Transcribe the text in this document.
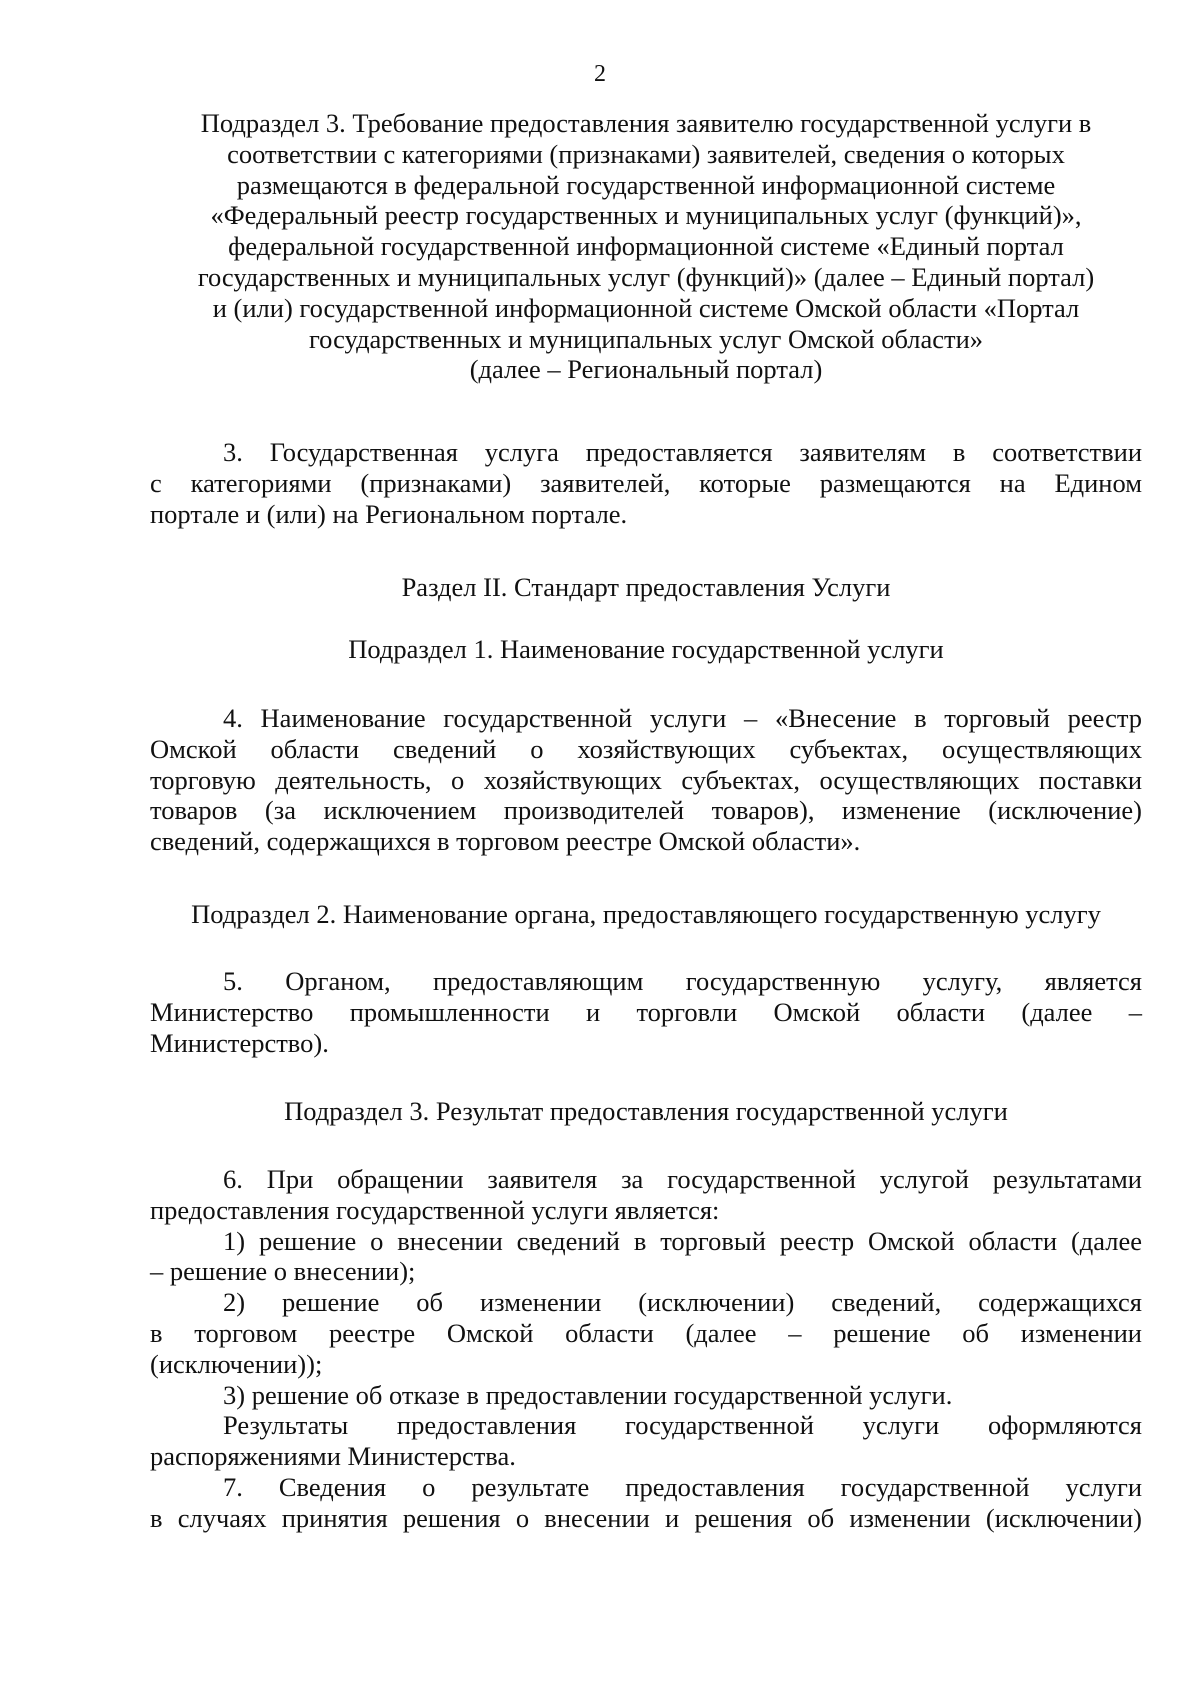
2
Подраздел 3. Требование предоставления заявителю государственной услуги в
соответствии с категориями (признаками) заявителей, сведения о которых
размещаются в федеральной государственной информационной системе
«Федеральный реестр государственных и муниципальных услуг (функций)»,
федеральной государственной информационной системе «Единый портал
государственных и муниципальных услуг (функций)» (далее – Единый портал)
и (или) государственной информационной системе Омской области «Портал
государственных и муниципальных услуг Омской области»
(далее – Региональный портал)
3. Государственная услуга предоставляется заявителям в соответствии
с категориями (признаками) заявителей, которые размещаются на Едином
портале и (или) на Региональном портале.
Раздел II. Стандарт предоставления Услуги
Подраздел 1. Наименование государственной услуги
4. Наименование государственной услуги – «Внесение в торговый реестр
Омской области сведений о хозяйствующих субъектах, осуществляющих
торговую деятельность, о хозяйствующих субъектах, осуществляющих поставки
товаров (за исключением производителей товаров), изменение (исключение)
сведений, содержащихся в торговом реестре Омской области».
Подраздел 2. Наименование органа, предоставляющего государственную услугу
5. Органом, предоставляющим государственную услугу, является
Министерство промышленности и торговли Омской области (далее –
Министерство).
Подраздел 3. Результат предоставления государственной услуги
6. При обращении заявителя за государственной услугой результатами
предоставления государственной услуги является:
1) решение о внесении сведений в торговый реестр Омской области (далее
– решение о внесении);
2) решение об изменении (исключении) сведений, содержащихся
в торговом реестре Омской области (далее – решение об изменении
(исключении));
3) решение об отказе в предоставлении государственной услуги.
Результаты предоставления государственной услуги оформляются
распоряжениями Министерства.
7. Сведения о результате предоставления государственной услуги
в случаях принятия решения о внесении и решения об изменении (исключении)
